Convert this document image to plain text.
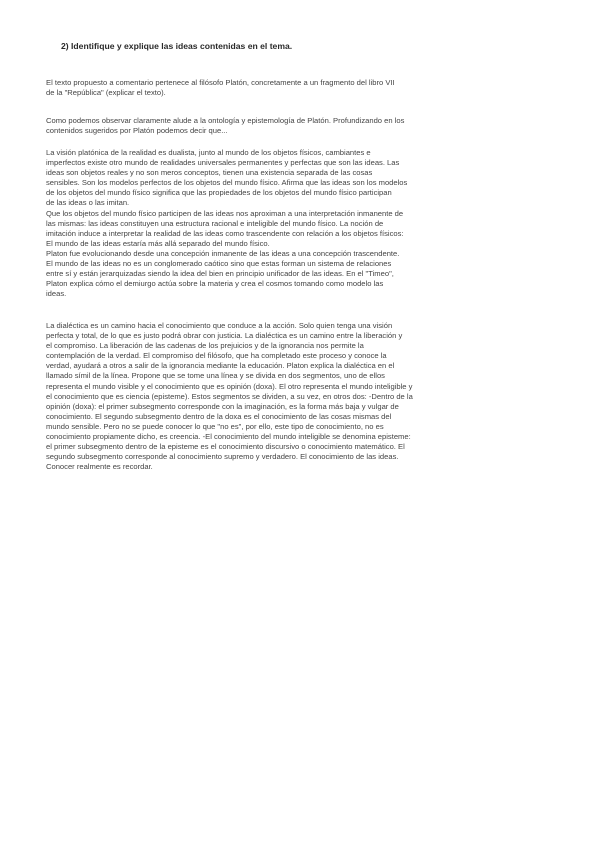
2) Identifique y explique las ideas contenidas en el tema.

El texto propuesto a comentario pertenece al filósofo Platón, concretamente a un fragmento del libro VII
de la "República" (explicar el texto).

Como podemos observar claramente alude a la ontología y epistemología de Platón. Profundizando en los
contenidos sugeridos por Platón podemos decir que...

La visión platónica de la realidad es dualista, junto al mundo de los objetos físicos, cambiantes e
imperfectos existe otro mundo de realidades universales permanentes y perfectas que son las ideas. Las
ideas son objetos reales y no son meros conceptos, tienen una existencia separada de las cosas
sensibles. Son los modelos perfectos de los objetos del mundo físico. Afirma que las ideas son los modelos
de los objetos del mundo físico significa que las propiedades de los objetos del mundo físico participan
de las ideas o las imitan.
Que los objetos del mundo físico participen de las ideas nos aproximan a una interpretación inmanente de
las mismas: las ideas constituyen una estructura racional e inteligible del mundo físico. La noción de
imitación induce a interpretar la realidad de las ideas como trascendente con relación a los objetos físicos:
El mundo de las ideas estaría más allá separado del mundo físico.
Platon fue evolucionando desde una concepción inmanente de las ideas a una concepción trascendente.
El mundo de las ideas no es un conglomerado caótico sino que estas forman un sistema de relaciones
entre sí y están jerarquizadas siendo la idea del bien en principio unificador de las ideas. En el "Timeo",
Platon explica cómo el demiurgo actúa sobre la materia y crea el cosmos tomando como modelo las
ideas.

La dialéctica es un camino hacia el conocimiento que conduce a la acción. Solo quien tenga una visión
perfecta y total, de lo que es justo podrá obrar con justicia. La dialéctica es un camino entre la liberación y
el compromiso. La liberación de las cadenas de los prejuicios y de la ignorancia nos permite la
contemplación de la verdad. El compromiso del filósofo, que ha completado este proceso y conoce la
verdad, ayudará a otros a salir de la ignorancia mediante la educación. Platon explica la dialéctica en el
llamado símil de la línea. Propone que se tome una línea y se divida en dos segmentos, uno de ellos
representa el mundo visible y el conocimiento que es opinión (doxa). El otro representa el mundo inteligible y
el conocimiento que es ciencia (episteme). Estos segmentos se dividen, a su vez, en otros dos: -Dentro de la
opinión (doxa): el primer subsegmento corresponde con la imaginación, es la forma más baja y vulgar de
conocimiento. El segundo subsegmento dentro de la doxa es el conocimiento de las cosas mismas del
mundo sensible. Pero no se puede conocer lo que "no es", por ello, este tipo de conocimiento, no es
conocimiento propiamente dicho, es creencia. -El conocimiento del mundo inteligible se denomina episteme:
el primer subsegmento dentro de la episteme es el conocimiento discursivo o conocimiento matemático. El
segundo subsegmento corresponde al conocimiento supremo y verdadero. El conocimiento de las ideas.
Conocer realmente es recordar.
